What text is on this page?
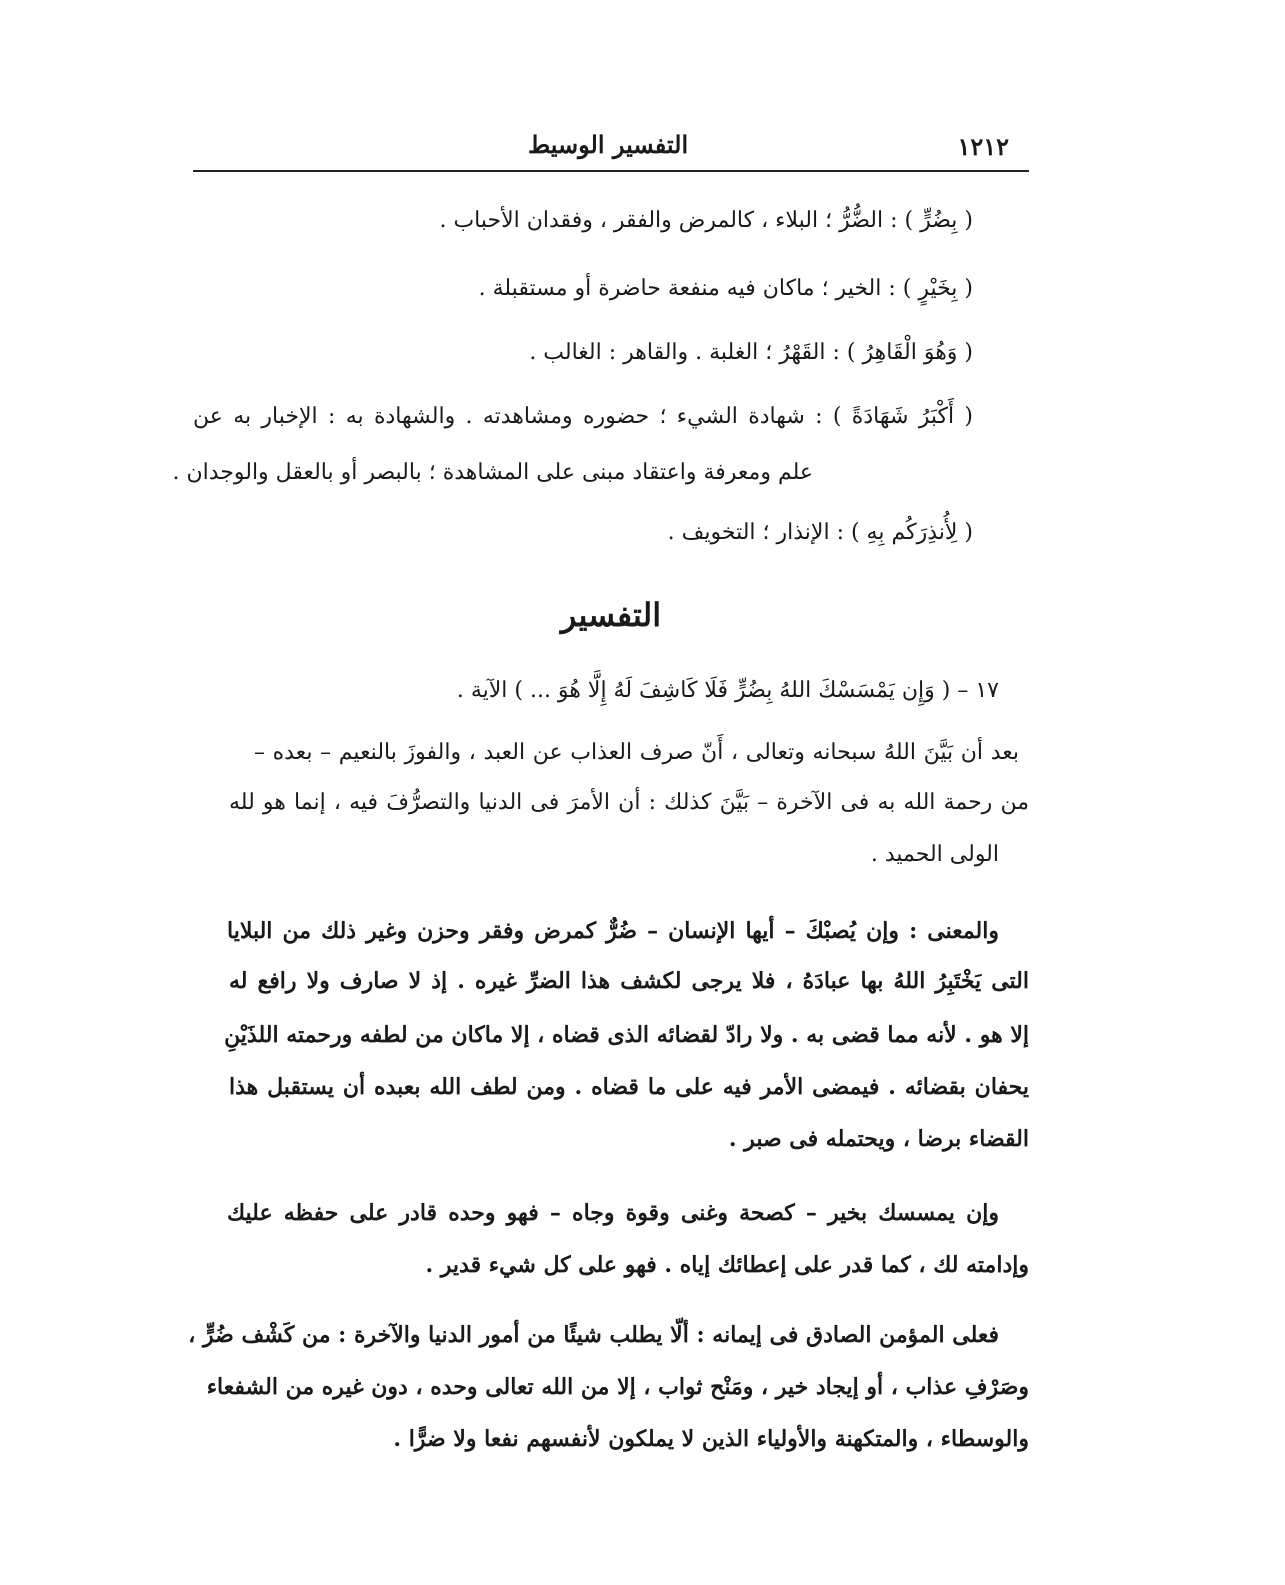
١٢١٢
التفسير الوسيط
( بِضُرٍّ ) : الضُّرُّ ؛ البلاء ، كالمرض والفقر ، وفقدان الأحباب .
( بِخَيْرٍ ) : الخير ؛ ماكان فيه منفعة حاضرة أو مستقبلة .
( وَهُوَ الْقَاهِرُ ) : القَهْرُ ؛ الغلبة . والقاهر : الغالب .
( أَكْبَرُ شَهَادَةً ) : شهادة الشيء ؛ حضوره ومشاهدته . والشهادة به : الإخبار به عن
علم ومعرفة واعتقاد مبنى على المشاهدة ؛ بالبصر أو بالعقل والوجدان .
( لِأُنذِرَكُم بِهِ ) : الإنذار ؛ التخويف .
التفسير
١٧ – ( وَإِن يَمْسَسْكَ اللهُ بِضُرٍّ فَلَا كَاشِفَ لَهُ إِلَّا هُوَ ... ) الآية .
بعد أن بَيَّنَ اللهُ سبحانه وتعالى ، أَنّ صرف العذاب عن العبد ، والفوزَ بالنعيم – بعده –
من رحمة الله به فى الآخرة – بَيَّنَ كذلك : أن الأمرَ فى الدنيا والتصرُّفَ فيه ، إنما هو لله
الولى الحميد .
والمعنى : وإن يُصبْكَ – أيها الإنسان – ضُرٌّ كمرض وفقر وحزن وغير ذلك من البلايا
التى يَخْتَبِرُ اللهُ بها عبادَهُ ، فلا يرجى لكشف هذا الضرِّ غيره . إذ لا صارف ولا رافع له
إلا هو . لأنه مما قضى به . ولا رادّ لقضائه الذى قضاه ، إلا ماكان من لطفه ورحمته اللذَيْنِ
يحفان بقضائه . فيمضى الأمر فيه على ما قضاه . ومن لطف الله بعبده أن يستقبل هذا
القضاء برضا ، ويحتمله فى صبر .
وإن يمسسك بخير – كصحة وغنى وقوة وجاه – فهو وحده قادر على حفظه عليك
وإدامته لك ، كما قدر على إعطائك إياه . فهو على كل شيء قدير .
فعلى المؤمن الصادق فى إيمانه : ألّا يطلب شيئًا من أمور الدنيا والآخرة : من كَشْف ضُرٍّ ،
وصَرْفِ عذاب ، أو إيجاد خير ، ومَنْح ثواب ، إلا من الله تعالى وحده ، دون غيره من الشفعاء
والوسطاء ، والمتكهنة والأولياء الذين لا يملكون لأنفسهم نفعا ولا ضرًّا .
